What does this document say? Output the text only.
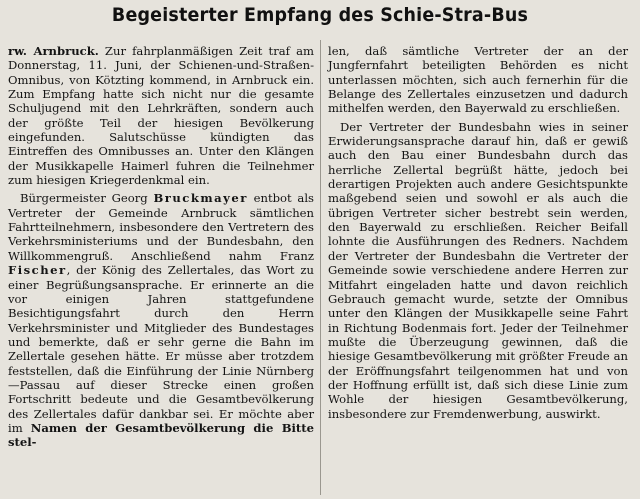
Begeisterter Empfang des Schie-Stra-Bus

rw. Arnbruck. Zur fahrplanmäßigen Zeit traf am Donnerstag, 11. Juni, der Schienen-und-Straßen-Omnibus, von Kötzting kommend, in Arnbruck ein. Zum Empfang hatte sich nicht nur die gesamte Schuljugend mit den Lehrkräften, sondern auch der größte Teil der hiesigen Bevölkerung eingefunden. Salutschüsse kündigten das Eintreffen des Omnibusses an. Unter den Klängen der Musikkapelle Haimerl fuhren die Teilnehmer zum hiesigen Kriegerdenkmal ein.

Bürgermeister Georg Bruckmayer entbot als Vertreter der Gemeinde Arnbruck sämtlichen Fahrtteilnehmern, insbesondere den Vertretern des Verkehrsministeriums und der Bundesbahn, den Willkommengruß. Anschließend nahm Franz Fischer, der König des Zellertales, das Wort zu einer Begrüßungsansprache. Er erinnerte an die vor einigen Jahren stattgefundene Besichtigungsfahrt durch den Herrn Verkehrsminister und Mitglieder des Bundestages und bemerkte, daß er sehr gerne die Bahn im Zellertale gesehen hätte. Er müsse aber trotzdem feststellen, daß die Einführung der Linie Nürnberg—Passau auf dieser Strecke einen großen Fortschritt bedeute und die Gesamtbevölkerung des Zellertales dafür dankbar sei. Er möchte aber im Namen der Gesamtbevölkerung die Bitte stel-

len, daß sämtliche Vertreter der an der Jungfernfahrt beteiligten Behörden es nicht unterlassen möchten, sich auch fernerhin für die Belange des Zellertales einzusetzen und dadurch mithelfen werden, den Bayerwald zu erschließen.

Der Vertreter der Bundesbahn wies in seiner Erwiderungsansprache darauf hin, daß er gewiß auch den Bau einer Bundesbahn durch das herrliche Zellertal begrüßt hätte, jedoch bei derartigen Projekten auch andere Gesichtspunkte maßgebend seien und sowohl er als auch die übrigen Vertreter sicher bestrebt sein werden, den Bayerwald zu erschließen. Reicher Beifall lohnte die Ausführungen des Redners. Nachdem der Vertreter der Bundesbahn die Vertreter der Gemeinde sowie verschiedene andere Herren zur Mitfahrt eingeladen hatte und davon reichlich Gebrauch gemacht wurde, setzte der Omnibus unter den Klängen der Musikkapelle seine Fahrt in Richtung Bodenmais fort. Jeder der Teilnehmer mußte die Überzeugung gewinnen, daß die hiesige Gesamtbevölkerung mit größter Freude an der Eröffnungsfahrt teilgenommen hat und von der Hoffnung erfüllt ist, daß sich diese Linie zum Wohle der hiesigen Gesamtbevölkerung, insbesondere zur Fremdenwerbung, auswirkt.
